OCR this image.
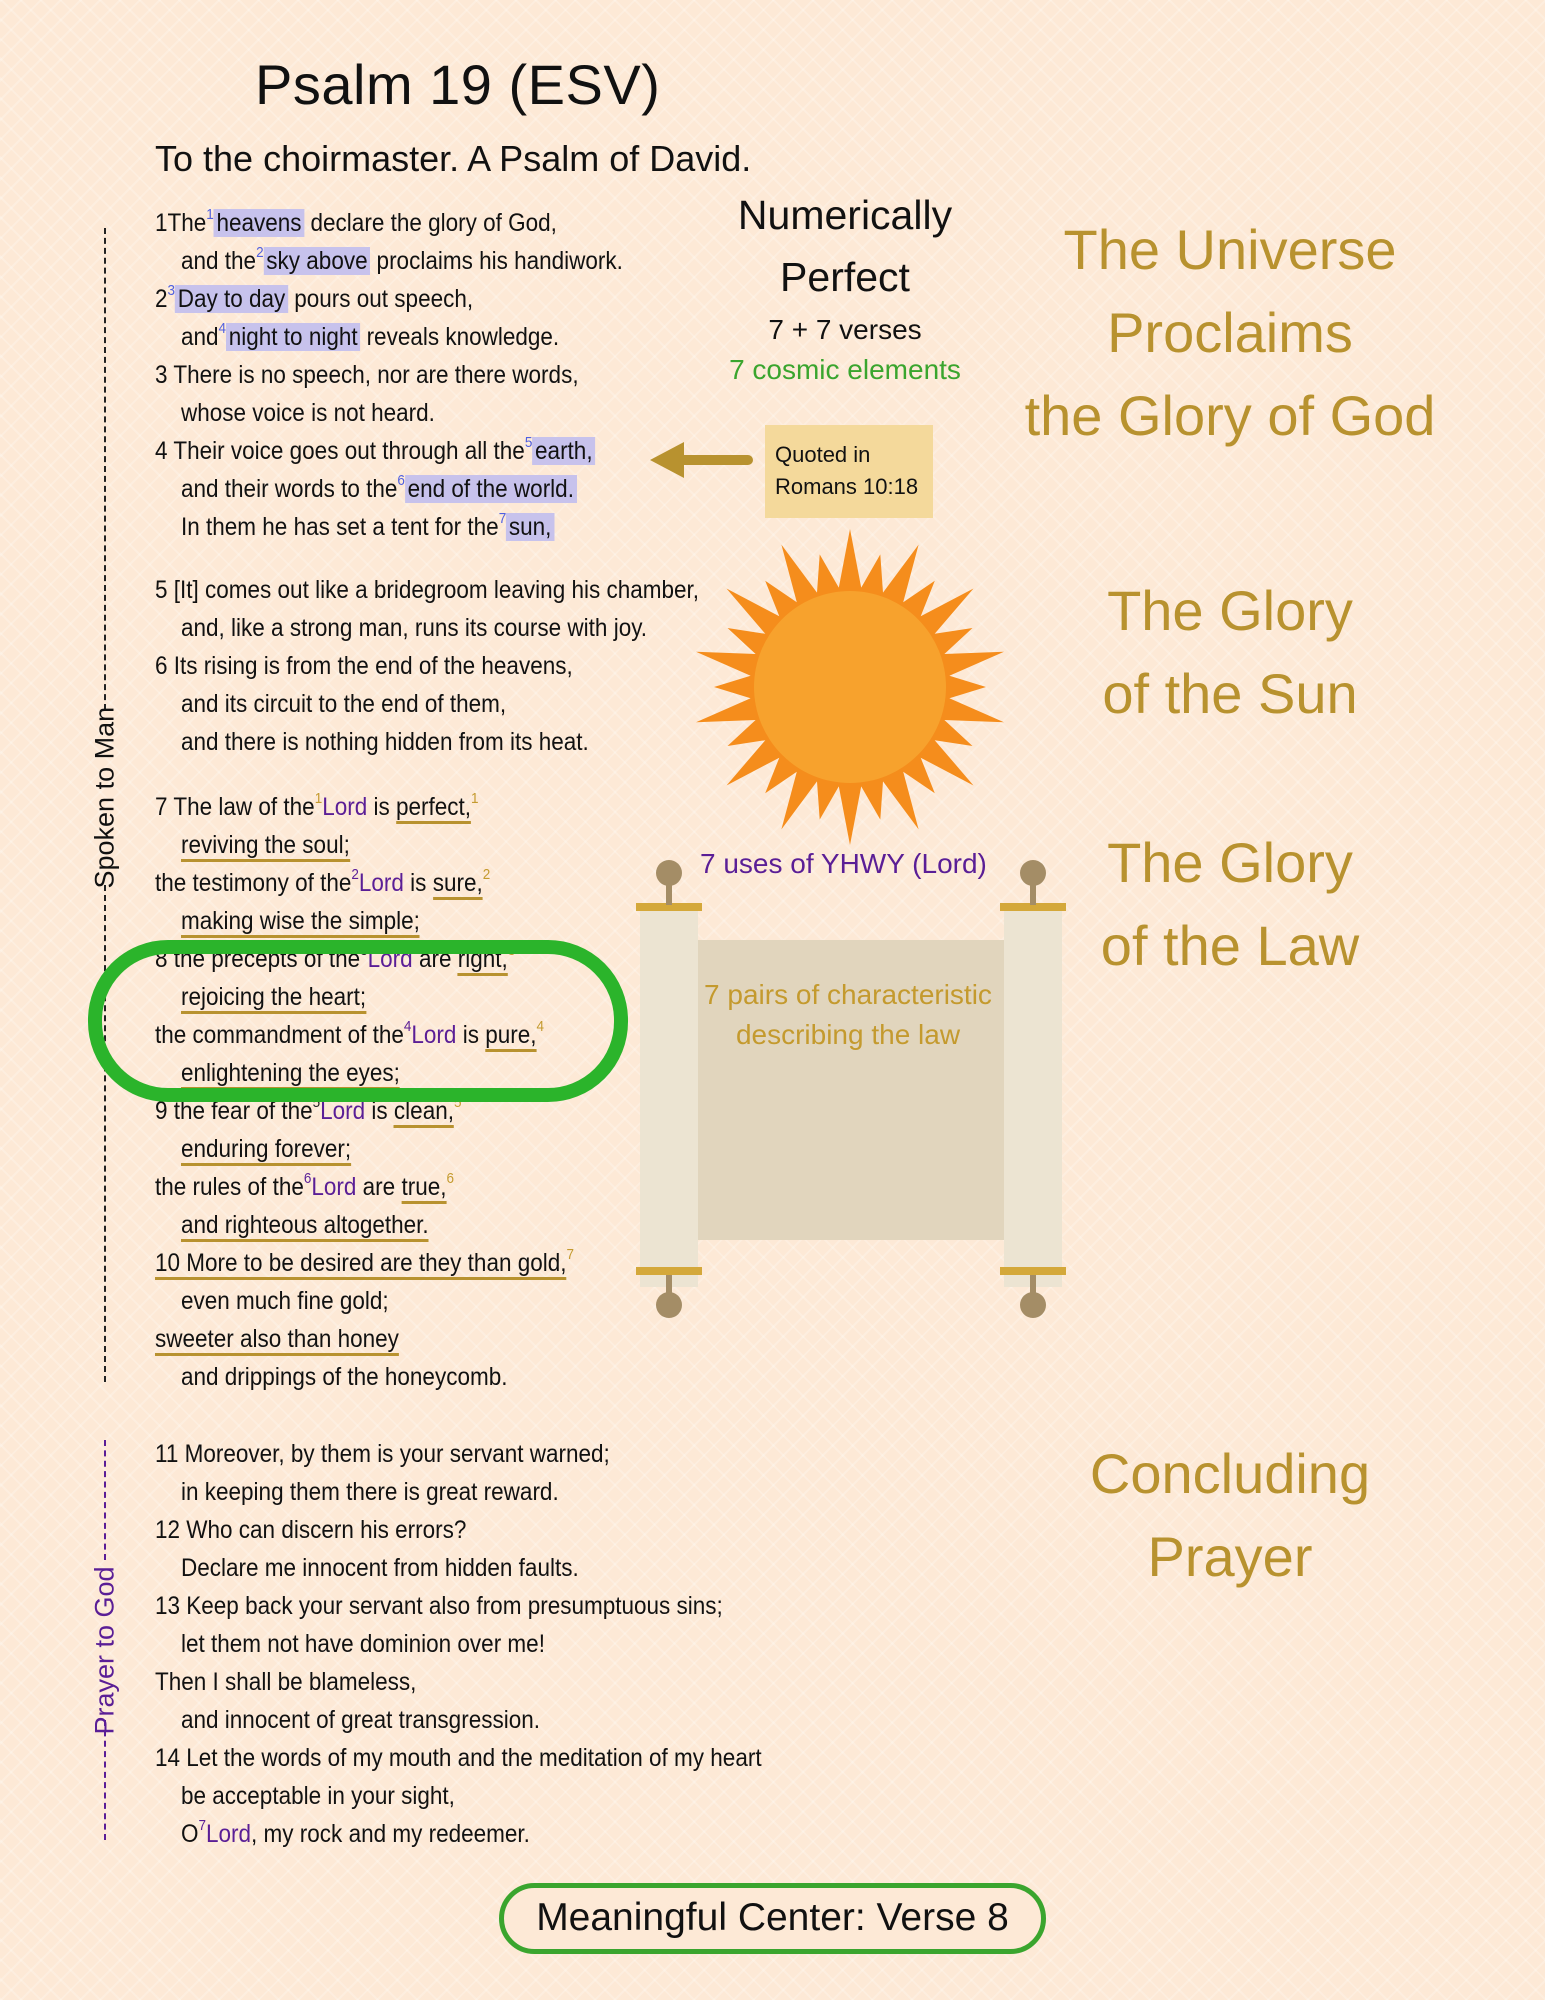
Psalm 19 (ESV)
To the choirmaster. A Psalm of David.
Spoken to Man
Prayer to God
1The$^1$ heavens declare the glory of God,
and the$^2$ sky above proclaims his handiwork.
$2^3$ Day to day pours out speech,
and$^4$ night to night reveals knowledge.
3 There is no speech, nor are there words,
whose voice is not heard.
4 Their voice goes out through all the$^5$ earth,
and their words to the$^6$ end of the world.
In them he has set a tent for the$^7$ sun,
5 [It] comes out like a bridegroom leaving his chamber,
and, like a strong man, runs its course with joy.
6 Its rising is from the end of the heavens,
and its circuit to the end of them,
and there is nothing hidden from its heat.
7 The law of the$^1$Lord is perfect,$^1$
reviving the soul;
the testimony of the$^2$Lord is sure,$^2$
making wise the simple;
8 the precepts of the$^3$Lord are right,$^3$
rejoicing the heart;
the commandment of the$^4$Lord is pure,$^4$
enlightening the eyes;
9 the fear of the$^5$Lord is clean,$^5$
enduring forever;
the rules of the$^6$Lord are true,$^6$
and righteous altogether.
10 More to be desired are they than gold,$^7$
even much fine gold;
sweeter also than honey
and drippings of the honeycomb.
11 Moreover, by them is your servant warned;
in keeping them there is great reward.
12 Who can discern his errors?
Declare me innocent from hidden faults.
13 Keep back your servant also from presumptuous sins;
let them not have dominion over me!
Then I shall be blameless,
and innocent of great transgression.
14 Let the words of my mouth and the meditation of my heart
be acceptable in your sight,
$O^7Lord$, my rock and my redeemer.
Numerically
Perfect
7 + 7 verses
7 cosmic elements
Quoted in
Romans 10:18
7 uses of YHWY (Lord)
7 pairs of characteristic
describing the law
The Universe
Proclaims
the Glory of God
The Glory
of the Sun
The Glory
of the Law
Concluding
Prayer
Meaningful Center: Verse 8
